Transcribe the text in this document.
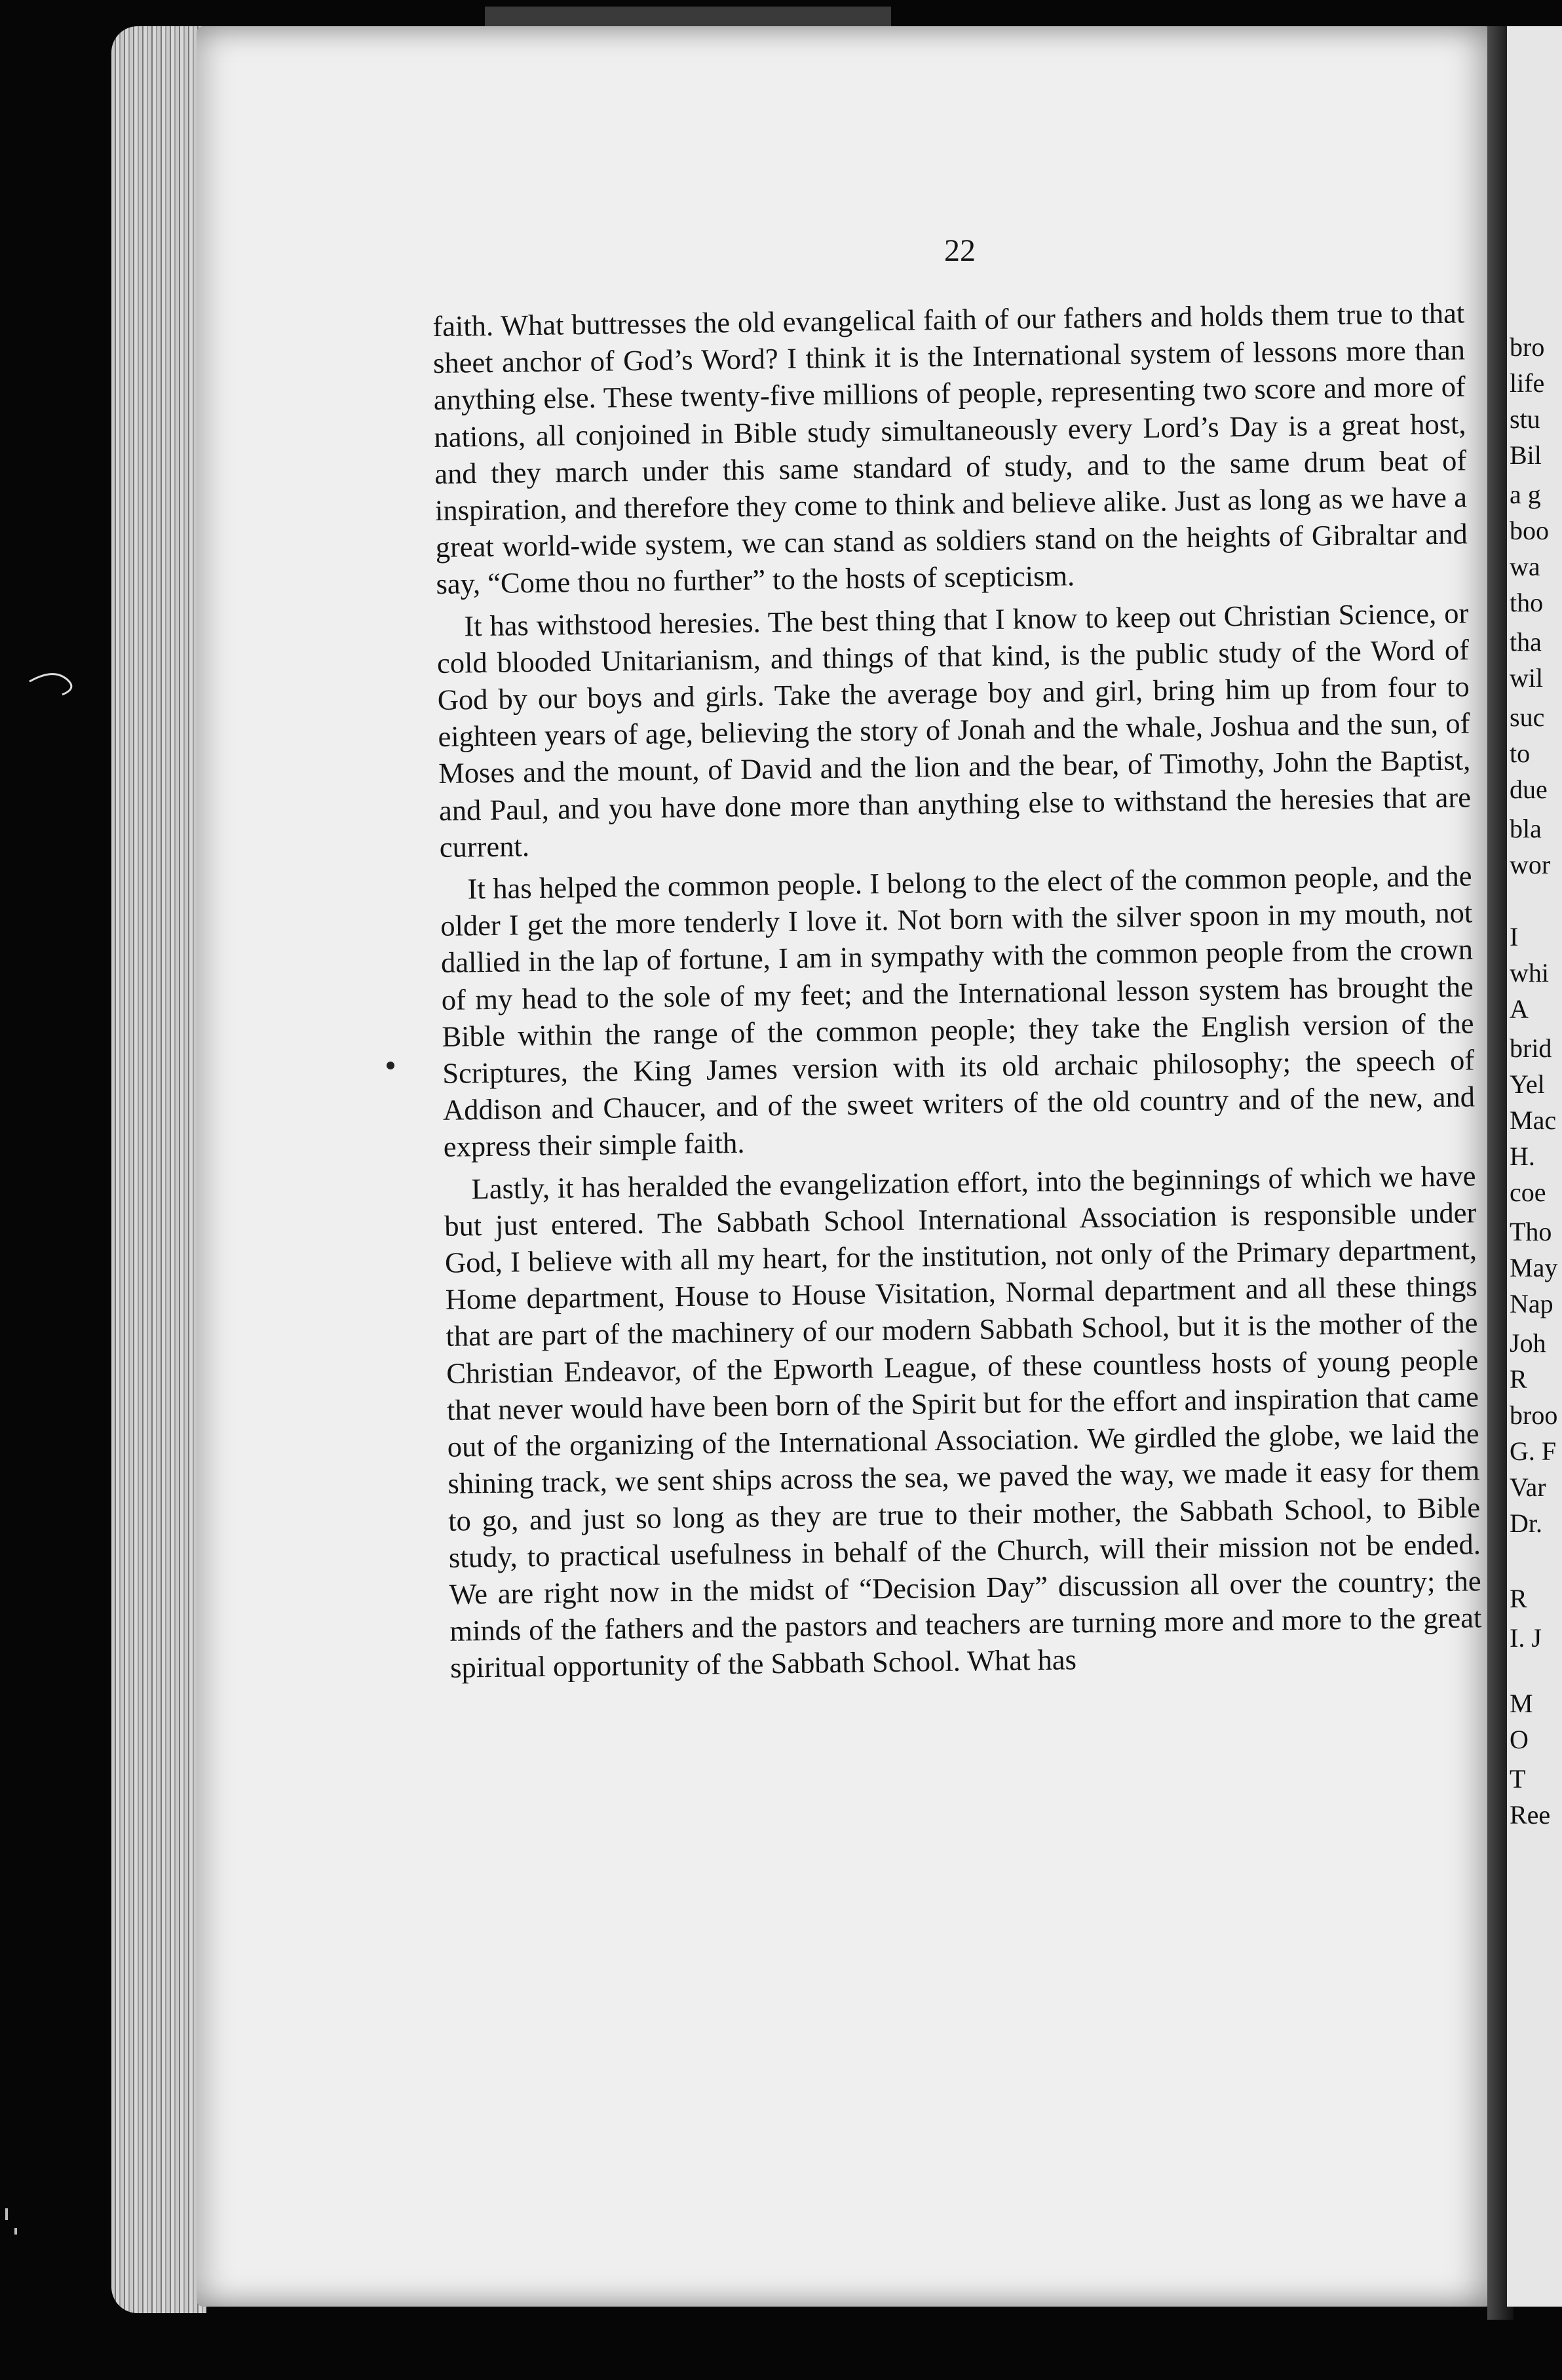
bro
life
stu
Bil
a g
boo
wa
tho
tha
wil
suc
to
due
bla
wor
I
whi
A
brid
Yel
Mac
H.
coe
Tho
May
Nap
Joh
R
broo
G. F
Var
Dr.
R
I. J
M
O
T
Ree
22

faith. What buttresses the old evangelical faith of our fathers and holds them true to that sheet anchor of God’s Word? I think it is the International system of lessons more than anything else. These twenty-five millions of people, representing two score and more of nations, all conjoined in Bible study simultaneously every Lord’s Day is a great host, and they march under this same standard of study, and to the same drum beat of inspiration, and therefore they come to think and believe alike. Just as long as we have a great world-wide system, we can stand as soldiers stand on the heights of Gibraltar and say, “Come thou no further” to the hosts of scepticism.

It has withstood heresies. The best thing that I know to keep out Christian Science, or cold blooded Unitarianism, and things of that kind, is the public study of the Word of God by our boys and girls. Take the average boy and girl, bring him up from four to eighteen years of age, believing the story of Jonah and the whale, Joshua and the sun, of Moses and the mount, of David and the lion and the bear, of Timothy, John the Baptist, and Paul, and you have done more than anything else to withstand the heresies that are current.

It has helped the common people. I belong to the elect of the common people, and the older I get the more tenderly I love it. Not born with the silver spoon in my mouth, not dallied in the lap of fortune, I am in sympathy with the common people from the crown of my head to the sole of my feet; and the International lesson system has brought the Bible within the range of the common people; they take the English version of the Scriptures, the King James version with its old archaic philosophy; the speech of Addison and Chaucer, and of the sweet writers of the old country and of the new, and express their simple faith.

Lastly, it has heralded the evangelization effort, into the beginnings of which we have but just entered. The Sabbath School International Association is responsible under God, I believe with all my heart, for the institution, not only of the Primary department, Home department, House to House Visitation, Normal department and all these things that are part of the machinery of our modern Sabbath School, but it is the mother of the Christian Endeavor, of the Epworth League, of these countless hosts of young people that never would have been born of the Spirit but for the effort and inspiration that came out of the organizing of the International Association. We girdled the globe, we laid the shining track, we sent ships across the sea, we paved the way, we made it easy for them to go, and just so long as they are true to their mother, the Sabbath School, to Bible study, to practical usefulness in behalf of the Church, will their mission not be ended. We are right now in the midst of “Decision Day” discussion all over the country; the minds of the fathers and the pastors and teachers are turning more and more to the great spiritual opportunity of the Sabbath School. What has
